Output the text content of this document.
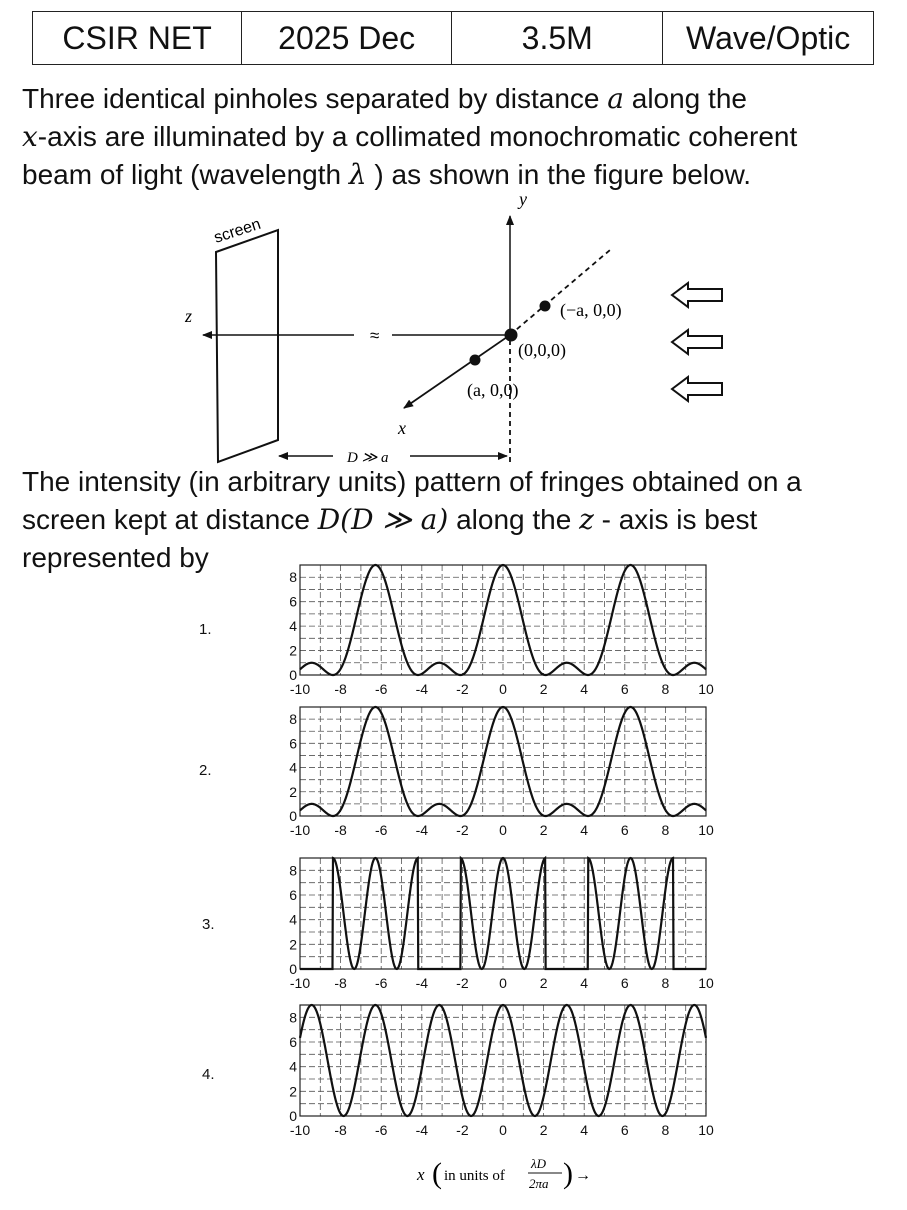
CSIR NET	2025 Dec	3.5M	Wave/Optic
Three identical pinholes separated by distance a along the
x-axis are illuminated by a collimated monochromatic coherent
beam of light (wavelength λ ) as shown in the figure below.
screen
≈
z
y
x
(−a, 0,0)
(0,0,0)
(a, 0,0)
D ≫ a
The intensity (in arbitrary units) pattern of fringes obtained on a
screen kept at distance D(D ≫ a) along the z - axis is best
represented by
1.
2.
3.
4.
-10 -8 -6 -4 -2 0 2 4 6 8 10
0
2
4
6
8
-10 -8 -6 -4 -2 0 2 4 6 8 10
0
2
4
6
8
-10 -8 -6 -4 -2 0 2 4 6 8 10
0
2
4
6
8
-10 -8 -6 -4 -2 0 2 4 6 8 10
0
2
4
6
8
x ( in units of
λD
2πa ) →
